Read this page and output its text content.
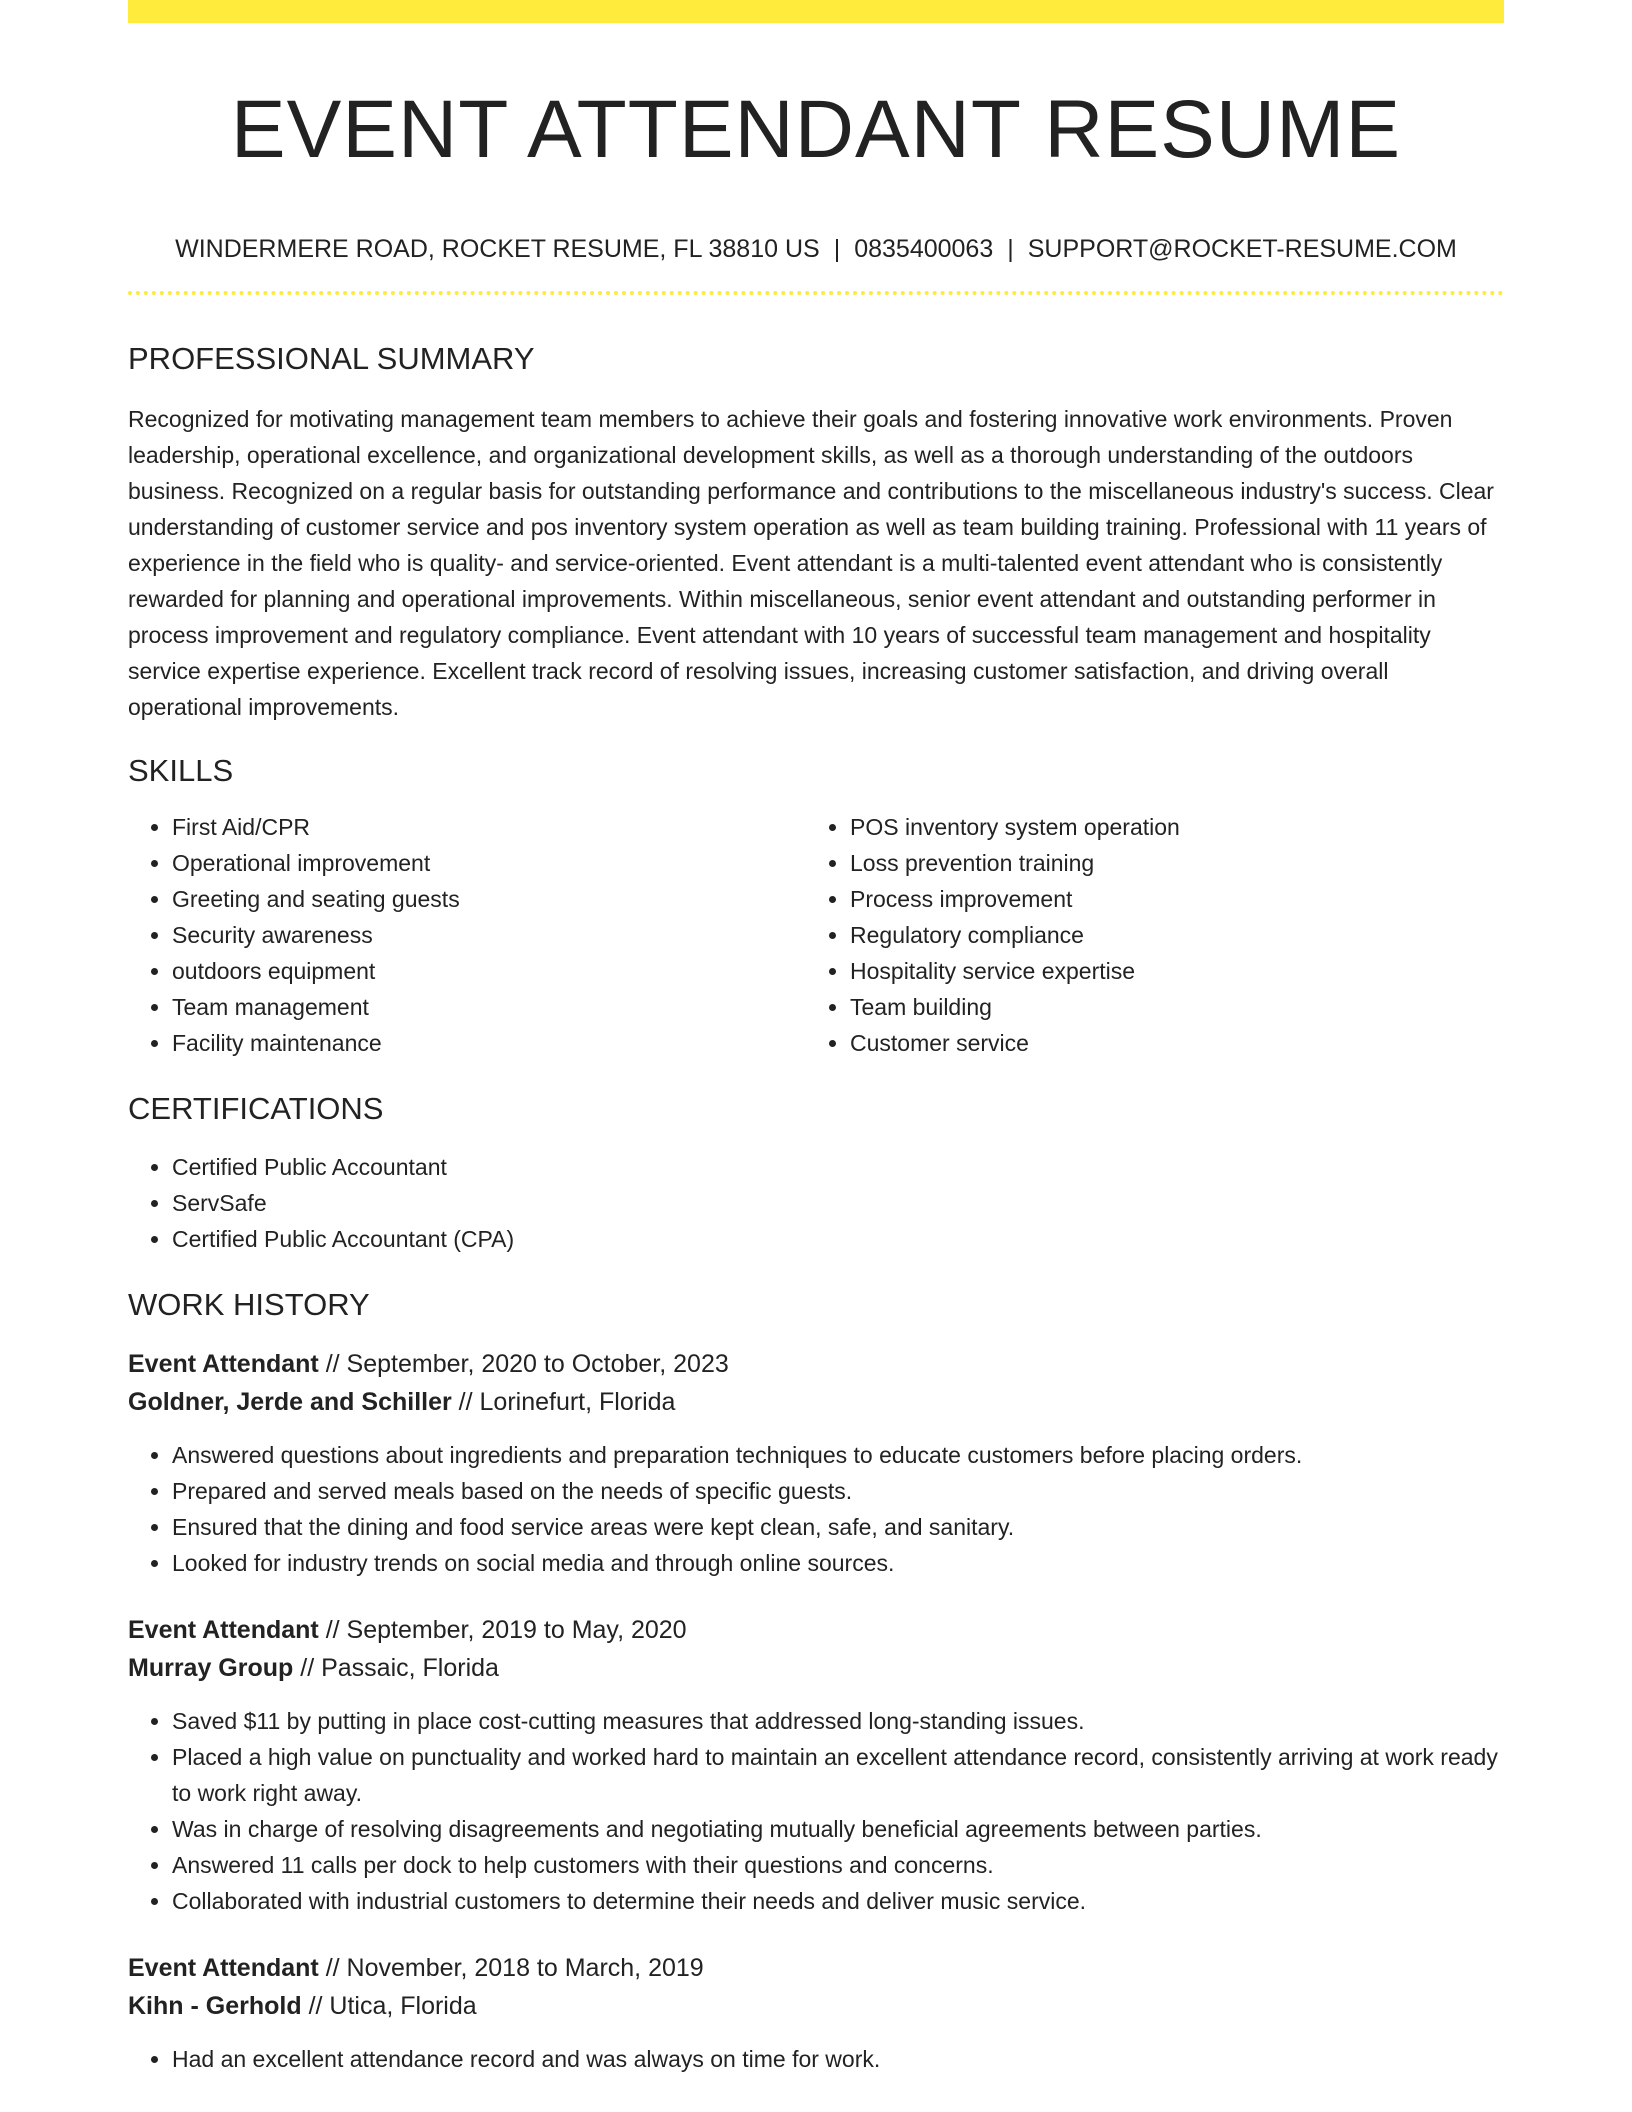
EVENT ATTENDANT RESUME
WINDERMERE ROAD, ROCKET RESUME, FL 38810 US | 0835400063 | SUPPORT@ROCKET-RESUME.COM
PROFESSIONAL SUMMARY

Recognized for motivating management team members to achieve their goals and fostering innovative work environments. Proven leadership, operational excellence, and organizational development skills, as well as a thorough understanding of the outdoors business. Recognized on a regular basis for outstanding performance and contributions to the miscellaneous industry's success. Clear understanding of customer service and pos inventory system operation as well as team building training. Professional with 11 years of experience in the field who is quality- and service-oriented. Event attendant is a multi-talented event attendant who is consistently rewarded for planning and operational improvements. Within miscellaneous, senior event attendant and outstanding performer in process improvement and regulatory compliance. Event attendant with 10 years of successful team management and hospitality service expertise experience. Excellent track record of resolving issues, increasing customer satisfaction, and driving overall operational improvements.

SKILLS
• First Aid/CPR
• Operational improvement
• Greeting and seating guests
• Security awareness
• outdoors equipment
• Team management
• Facility maintenance
• POS inventory system operation
• Loss prevention training
• Process improvement
• Regulatory compliance
• Hospitality service expertise
• Team building
• Customer service
CERTIFICATIONS
• Certified Public Accountant
• ServSafe
• Certified Public Accountant (CPA)
WORK HISTORY
Event Attendant // September, 2020 to October, 2023
Goldner, Jerde and Schiller // Lorinefurt, Florida
• Answered questions about ingredients and preparation techniques to educate customers before placing orders.
• Prepared and served meals based on the needs of specific guests.
• Ensured that the dining and food service areas were kept clean, safe, and sanitary.
• Looked for industry trends on social media and through online sources.
Event Attendant // September, 2019 to May, 2020
Murray Group // Passaic, Florida
• Saved $11 by putting in place cost-cutting measures that addressed long-standing issues.
• Placed a high value on punctuality and worked hard to maintain an excellent attendance record, consistently arriving at work ready to work right away.
• Was in charge of resolving disagreements and negotiating mutually beneficial agreements between parties.
• Answered 11 calls per dock to help customers with their questions and concerns.
• Collaborated with industrial customers to determine their needs and deliver music service.
Event Attendant // November, 2018 to March, 2019
Kihn - Gerhold // Utica, Florida
• Had an excellent attendance record and was always on time for work.
